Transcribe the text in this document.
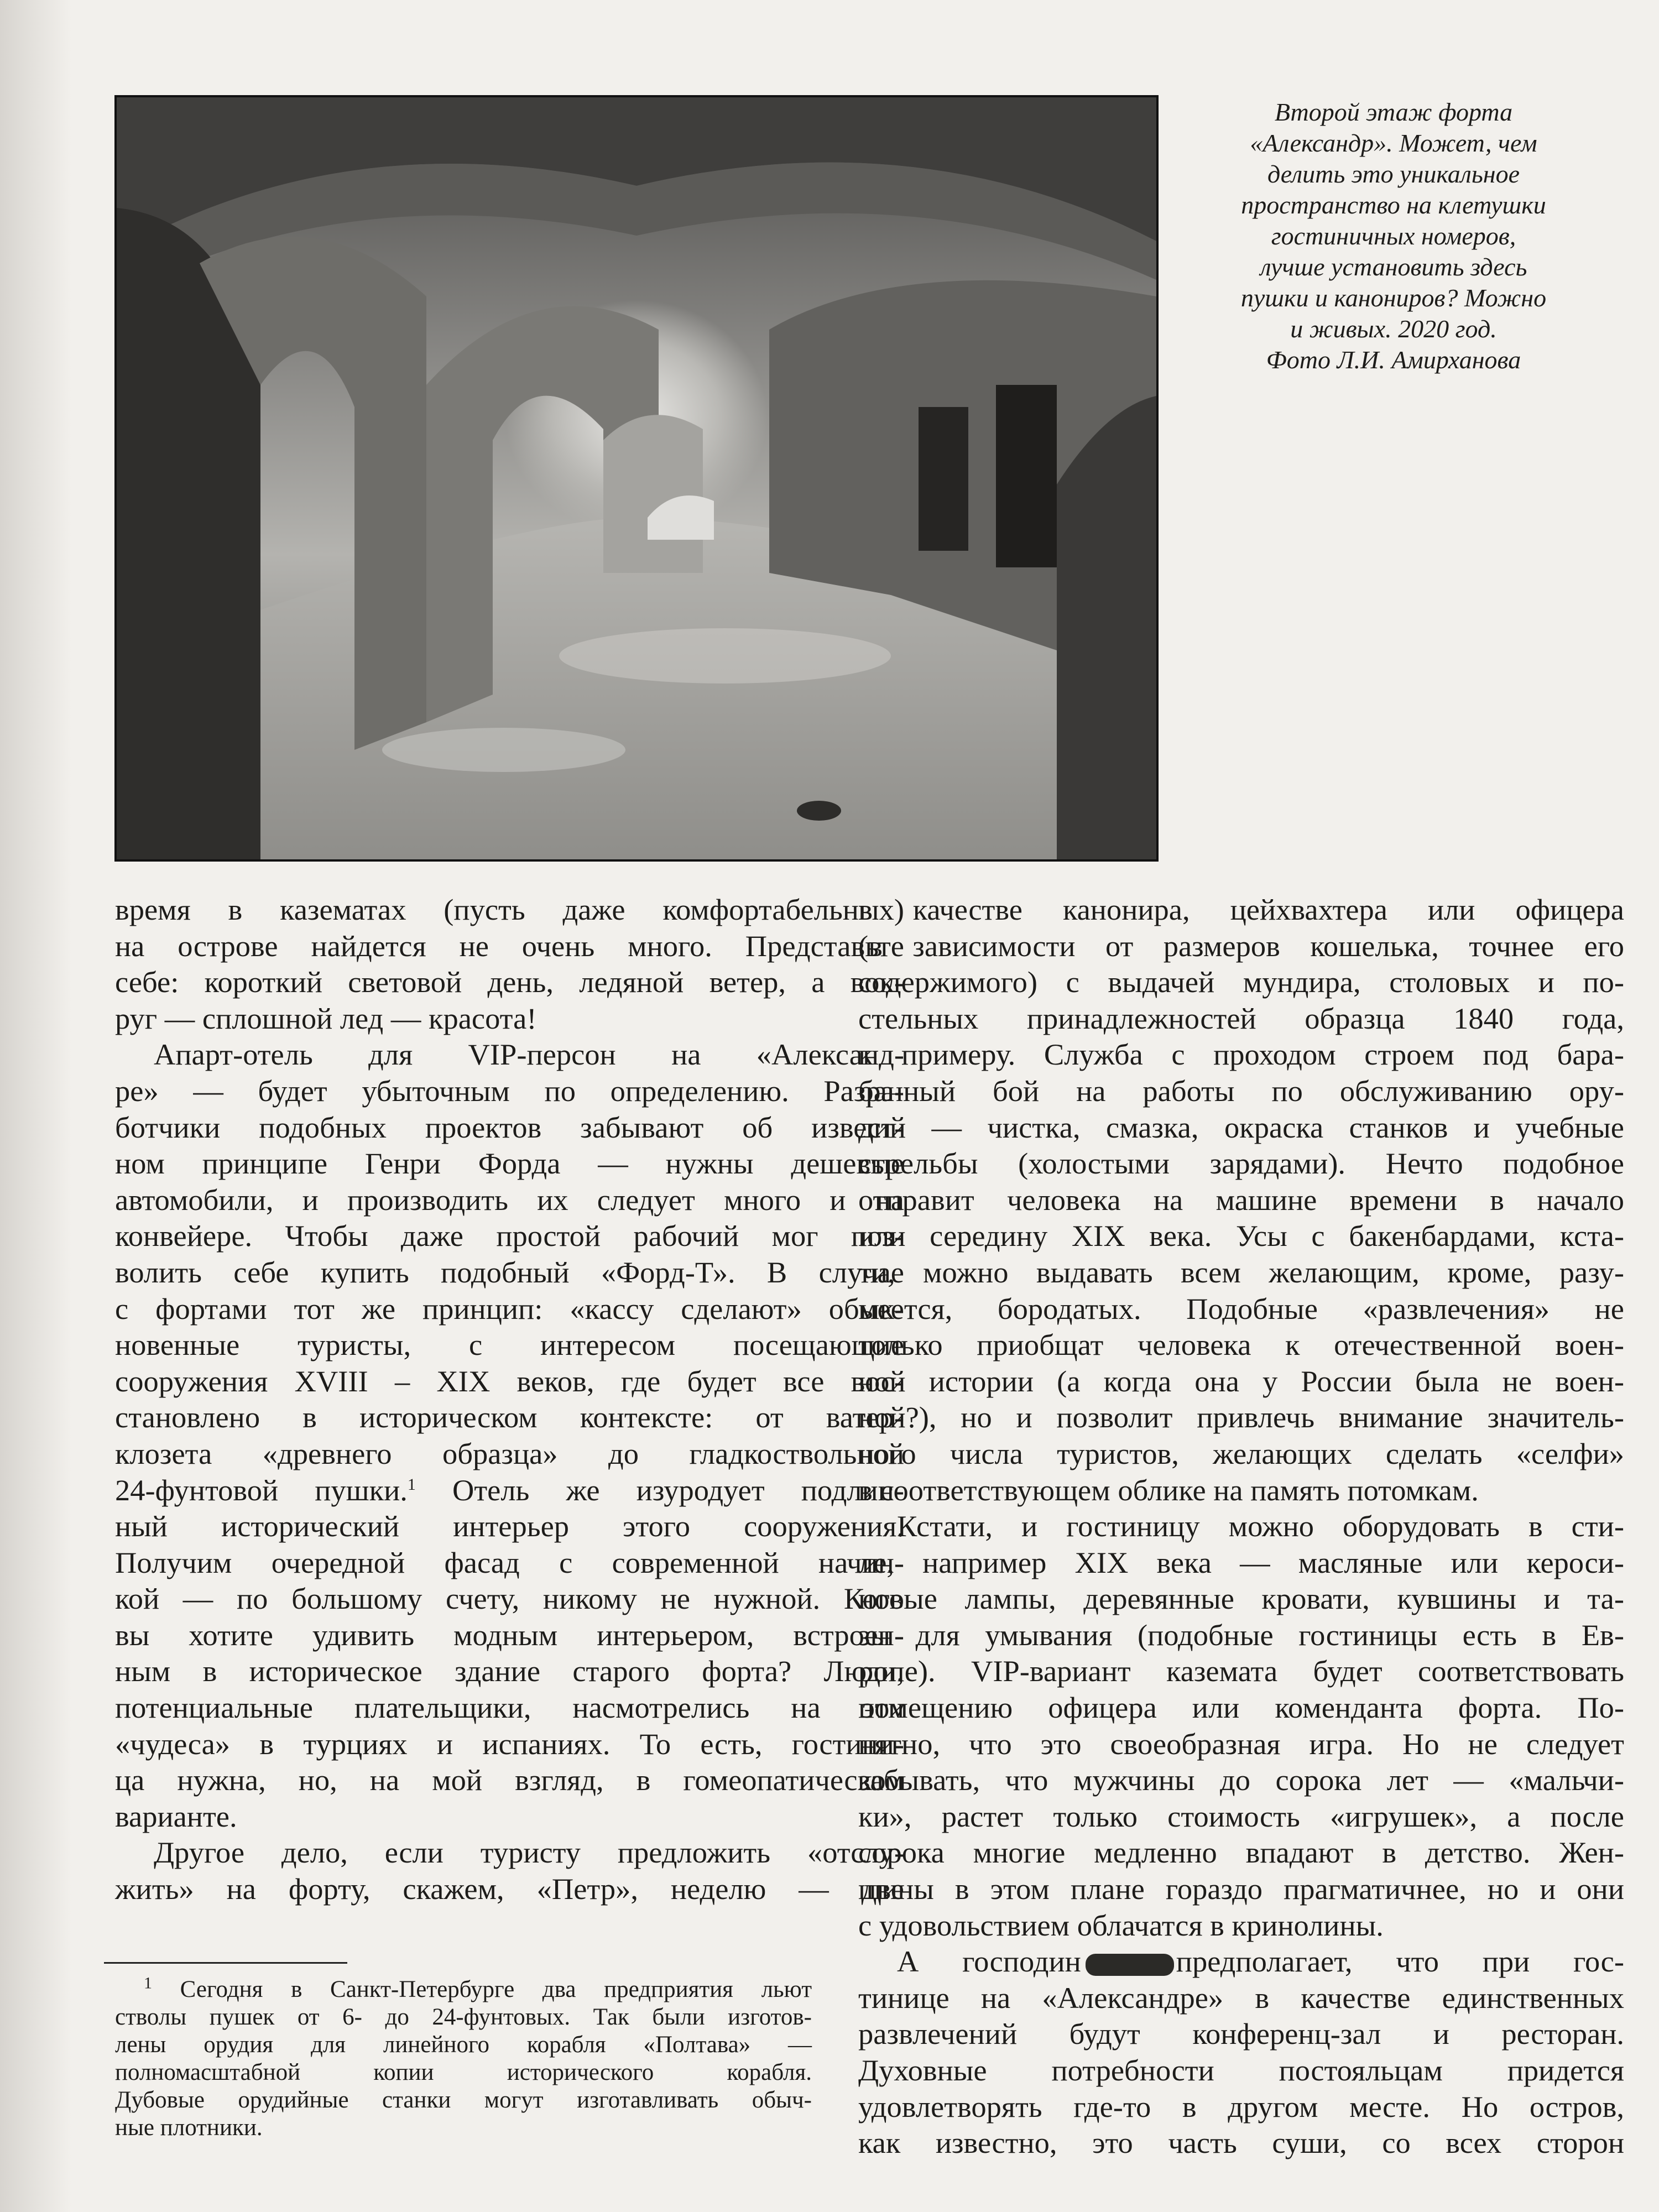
Второй этаж форта
«Александр». Может, чем
делить это уникальное
пространство на клетушки
гостиничных номеров,
лучше установить здесь
пушки и канониров? Можно
и живых. 2020 год.
Фото Л.И. Амирханова
время в казематах (пусть даже комфортабельных)
на острове найдется не очень много. Представьте
себе: короткий световой день, ледяной ветер, а вок-
руг — сплошной лед — красота!
Апарт-отель для VIP-персон на «Александ-
ре» — будет убыточным по определению. Разра-
ботчики подобных проектов забывают об извест-
ном принципе Генри Форда — нужны дешевые
автомобили, и производить их следует много и на
конвейере. Чтобы даже простой рабочий мог поз-
волить себе купить подобный «Форд-Т». В случае
с фортами тот же принцип: «кассу сделают» обык-
новенные туристы, с интересом посещающие
сооружения XVIII – XIX веков, где будет все вос-
становлено в историческом контексте: от ватер-
клозета «древнего образца» до гладкоствольной
24-фунтовой пушки.$^1$ Отель же изуродует подлин-
ный исторический интерьер этого сооружения.
Получим очередной фасад с современной начин-
кой — по большому счету, никому не нужной. Кого
вы хотите удивить модным интерьером, встроен-
ным в историческое здание старого форта? Люди,
потенциальные плательщики, насмотрелись на эти
«чудеса» в турциях и испаниях. То есть, гостини-
ца нужна, но, на мой взгляд, в гомеопатическом
варианте.
Другое дело, если туристу предложить «отслу-
жить» на форту, скажем, «Петр», неделю — две
$^1$ Сегодня в Санкт-Петербурге два предприятия льют
стволы пушек от 6- до 24-фунтовых. Так были изготов-
лены орудия для линейного корабля «Полтава» —
полномасштабной копии исторического корабля.
Дубовые орудийные станки могут изготавливать обыч-
ные плотники.
в качестве канонира, цейхвахтера или офицера
(в зависимости от размеров кошелька, точнее его
содержимого) с выдачей мундира, столовых и по-
стельных принадлежностей образца 1840 года,
к примеру. Служба с проходом строем под бара-
банный бой на работы по обслуживанию ору-
дий — чистка, смазка, окраска станков и учебные
стрельбы (холостыми зарядами). Нечто подобное
отправит человека на машине времени в начало
или середину XIX века. Усы с бакенбардами, кста-
ти, можно выдавать всем желающим, кроме, разу-
меется, бородатых. Подобные «развлечения» не
только приобщат человека к отечественной воен-
ной истории (а когда она у России была не воен-
ной?), но и позволит привлечь внимание значитель-
ного числа туристов, желающих сделать «селфи»
в соответствующем облике на память потомкам.
Кстати, и гостиницу можно оборудовать в сти-
ле, например XIX века — масляные или кероси-
новые лампы, деревянные кровати, кувшины и та-
зы для умывания (подобные гостиницы есть в Ев-
ропе). VIP-вариант каземата будет соответствовать
помещению офицера или коменданта форта. По-
нятно, что это своеобразная игра. Но не следует
забывать, что мужчины до сорока лет — «мальчи-
ки», растет только стоимость «игрушек», а после
сорока многие медленно впадают в детство. Жен-
щины в этом плане гораздо прагматичнее, но и они
с удовольствием облачатся в кринолины.
А господин	предполагает, что при гос-
тинице на «Александре» в качестве единственных
развлечений будут конференц-зал и ресторан.
Духовные потребности постояльцам придется
удовлетворять где-то в другом месте. Но остров,
как известно, это часть суши, со всех сторон
